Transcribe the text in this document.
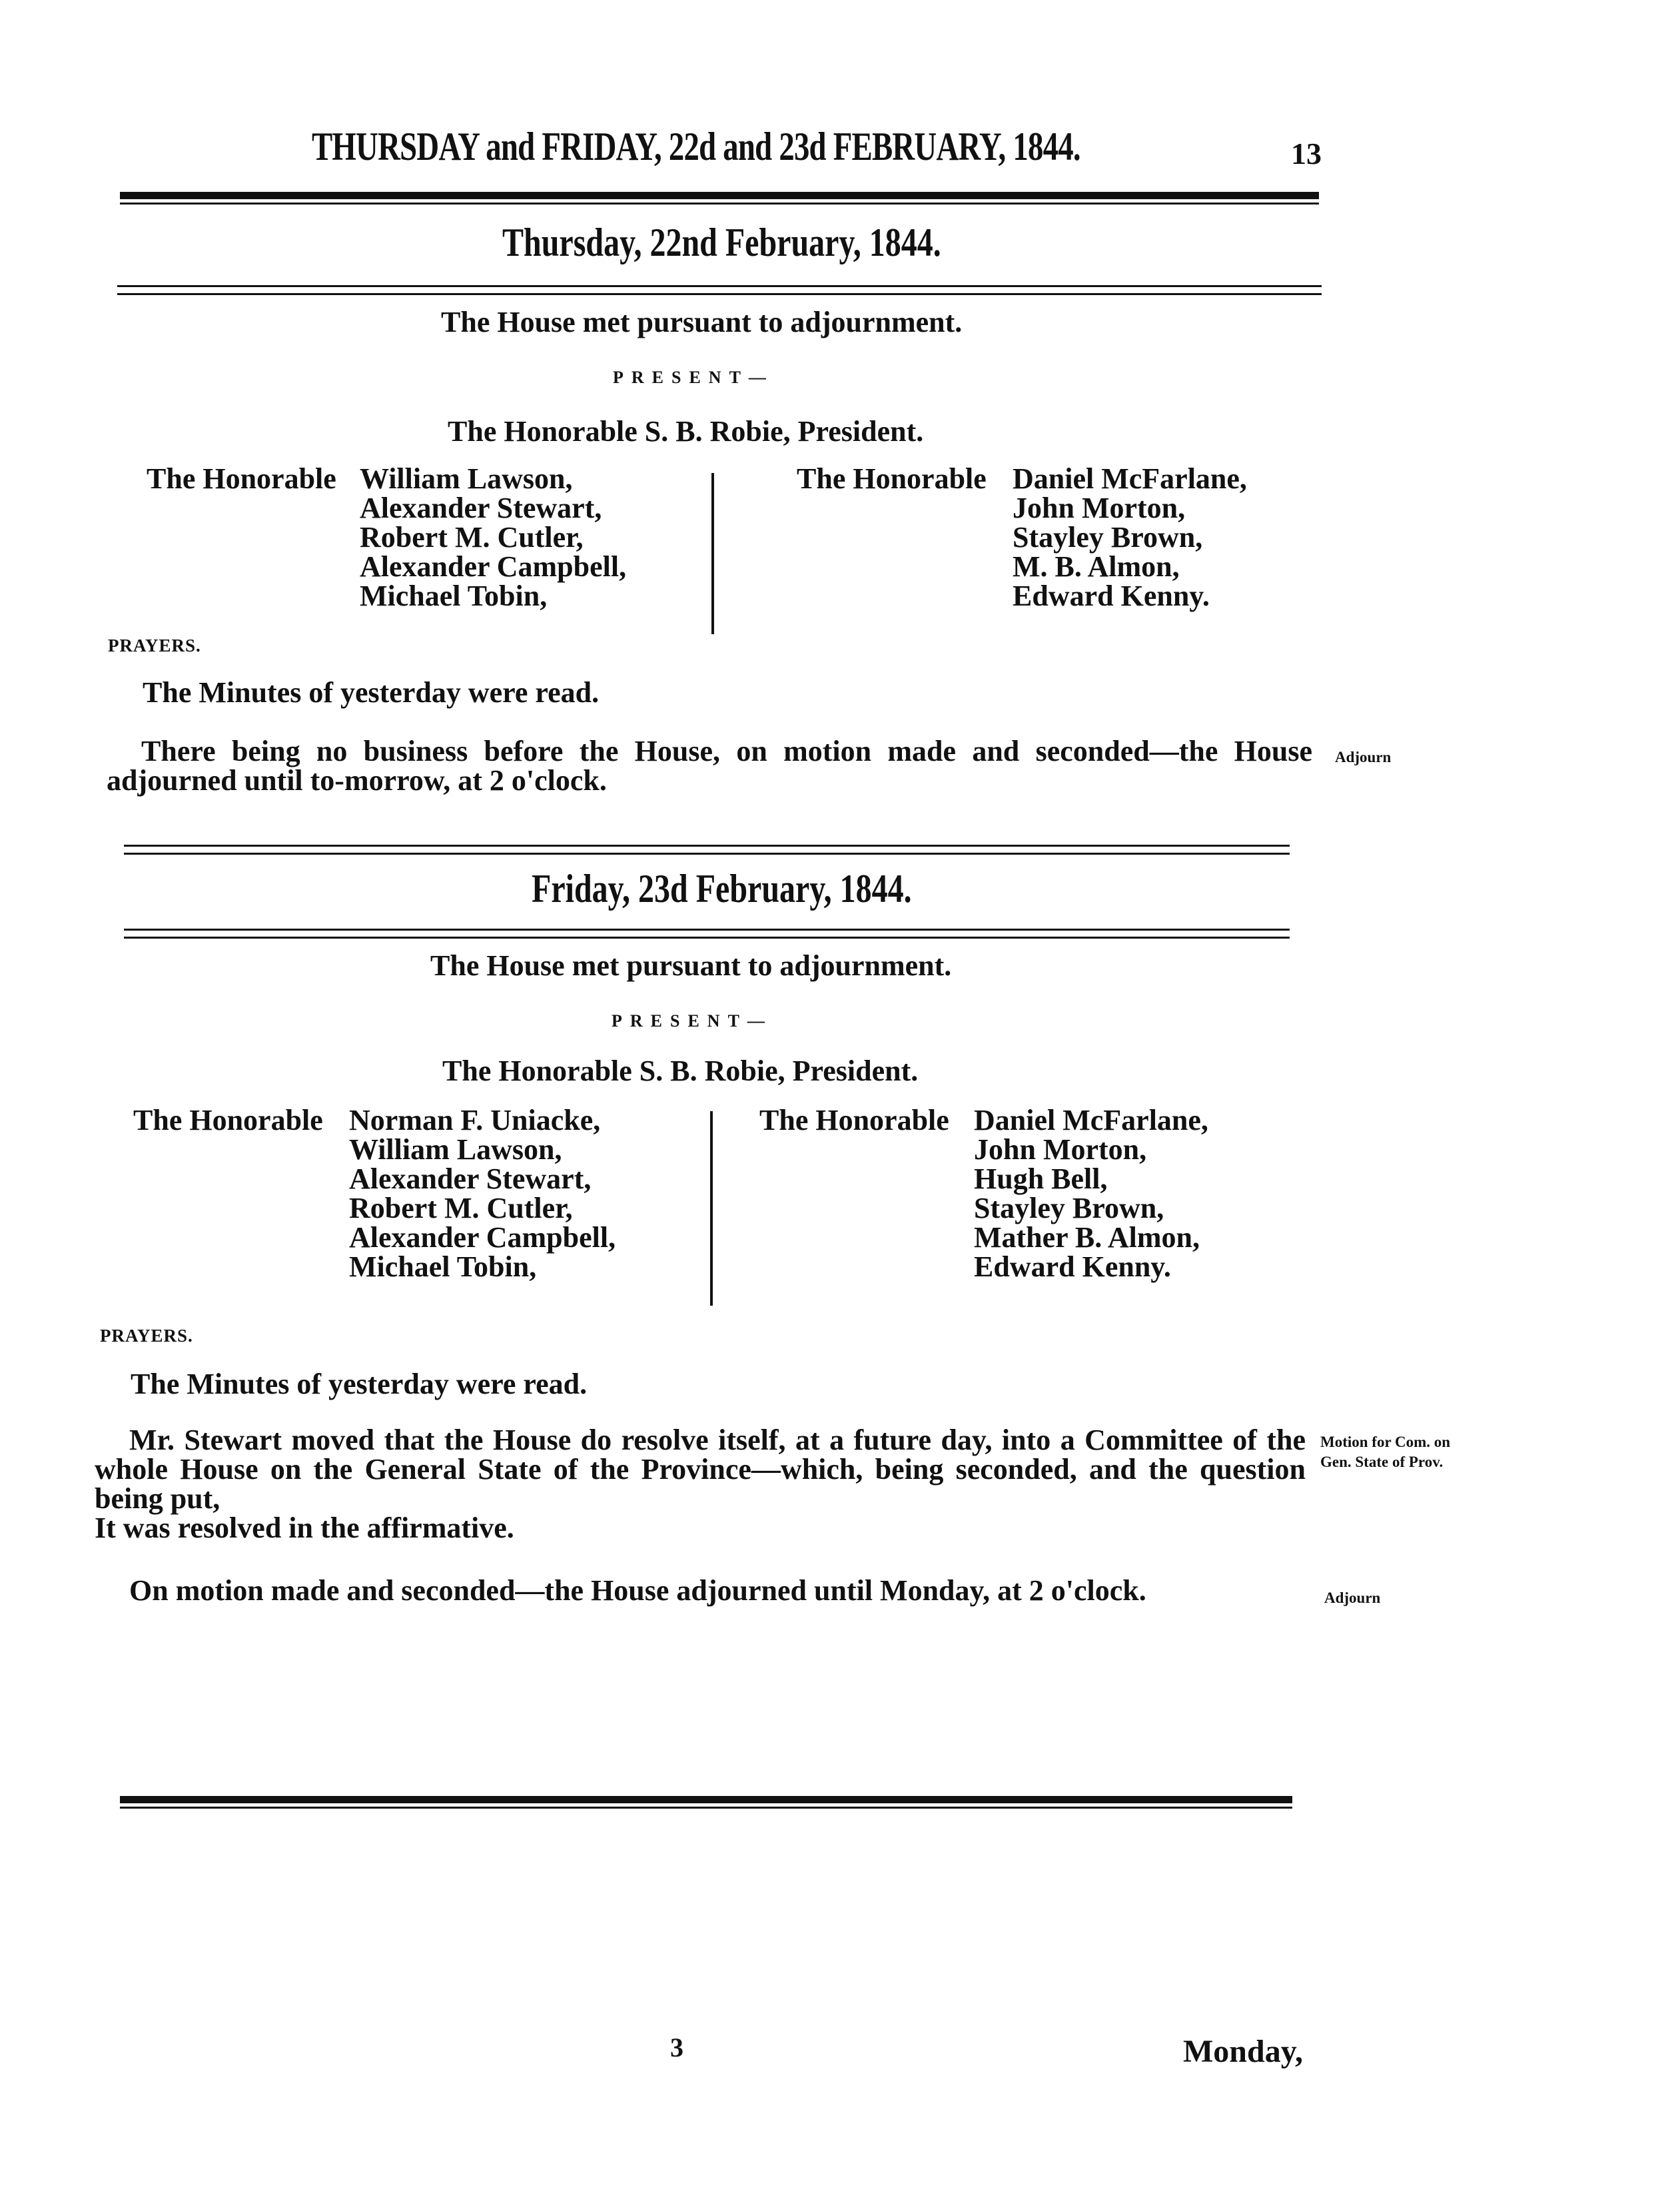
THURSDAY and FRIDAY, 22d and 23d FEBRUARY, 1844.	13
Thursday, 22nd February, 1844.
The House met pursuant to adjournment.
PRESENT—
The Honorable S. B. Robie, President.
The Honorable William Lawson,
Alexander Stewart,
Robert M. Cutler,
Alexander Campbell,
Michael Tobin,
The Honorable Daniel McFarlane,
John Morton,
Stayley Brown,
M. B. Almon,
Edward Kenny.
PRAYERS.
The Minutes of yesterday were read.
There being no business before the House, on motion made and seconded—the House adjourned until to-morrow, at 2 o'clock.
Adjourn
Friday, 23d February, 1844.
The House met pursuant to adjournment.
PRESENT—
The Honorable S. B. Robie, President.
The Honorable Norman F. Uniacke,
William Lawson,
Alexander Stewart,
Robert M. Cutler,
Alexander Campbell,
Michael Tobin,
The Honorable Daniel McFarlane,
John Morton,
Hugh Bell,
Stayley Brown,
Mather B. Almon,
Edward Kenny.
PRAYERS.
The Minutes of yesterday were read.
Mr. Stewart moved that the House do resolve itself, at a future day, into a Committee of the whole House on the General State of the Province—which, being seconded, and the question being put,
It was resolved in the affirmative.
Motion for Com. on
Gen. State of Prov.
On motion made and seconded—the House adjourned until Monday, at 2 o'clock.	Adjourn
3	Monday,
